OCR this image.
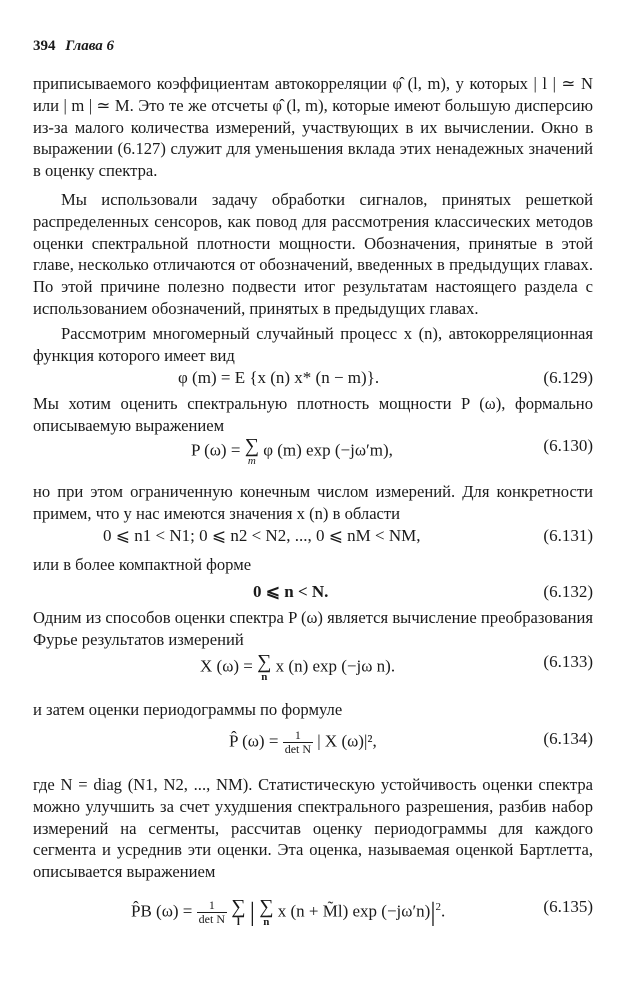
394 Глава 6
приписываемого коэффициентам автокорреляции φ̂ (l, m), у которых | l | ≃ N или | m | ≃ M. Это те же отсчеты φ̂ (l, m), которые имеют большую дисперсию из-за малого количества измерений, участвующих в их вычислении. Окно в выражении (6.127) служит для уменьшения вклада этих ненадежных значений в оценку спектра.
Мы использовали задачу обработки сигналов, принятых решеткой распределенных сенсоров, как повод для рассмотрения классических методов оценки спектральной плотности мощности. Обозначения, принятые в этой главе, несколько отличаются от обозначений, введенных в предыдущих главах. По этой причине полезно подвести итог результатам настоящего раздела с использованием обозначений, принятых в предыдущих главах.
Рассмотрим многомерный случайный процесс x (n), автокорреляционная функция которого имеет вид
φ (m) = E {x (n) x* (n − m)}.	(6.129)
Мы хотим оценить спектральную плотность мощности P (ω), формально описываемую выражением
P (ω) = ∑
m
φ (m) exp (−jω′m),	(6.130)
но при этом ограниченную конечным числом измерений. Для конкретности примем, что у нас имеются значения x (n) в области
0 ⩽ n1 < N1; 0 ⩽ n2 < N2, ..., 0 ⩽ nM < NM,	(6.131)
или в более компактной форме
0 ⩽ n < N.	(6.132)
Одним из способов оценки спектра P (ω) является вычисление преобразования Фурье результатов измерений
X (ω) = ∑
n
x (n) exp (−jω n).	(6.133)
и затем оценки периодограммы по формуле
P̂ $(\omega) = \frac{1}{\text{det N}}$ | X (ω)|²,	(6.134)
где N = diag (N1, N2, ..., NM). Статистическую устойчивость оценки спектра можно улучшить за счет ухудшения спектрального разрешения, разбив набор измерений на сегменты, рассчитав оценку периодограммы для каждого сегмента и усреднив эти оценки. Эта оценка, называемая оценкой Бартлетта, описывается выражением
P̂B $(\omega) = \frac{1}{\text{det N}}$
∑
l | ∑
n
x (n + M̃l) $\exp (-j\omega'n)|^2$.	(6.135)
